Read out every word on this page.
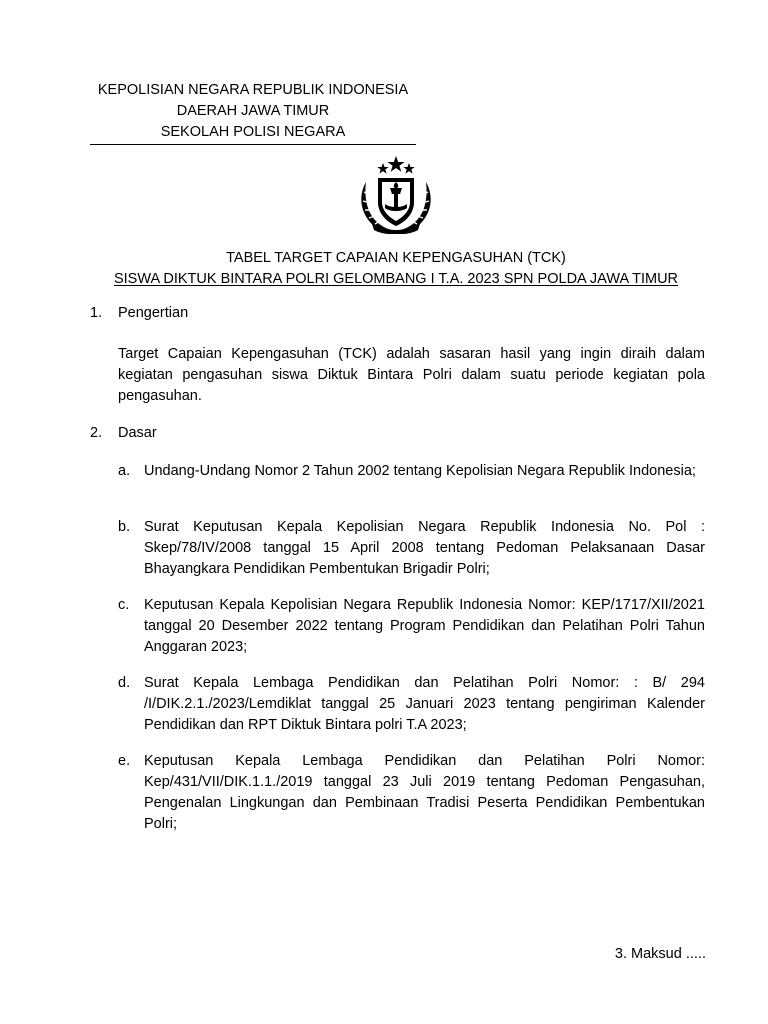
KEPOLISIAN NEGARA REPUBLIK INDONESIA
DAERAH JAWA TIMUR
SEKOLAH POLISI NEGARA
TABEL TARGET CAPAIAN KEPENGASUHAN (TCK)
SISWA DIKTUK BINTARA POLRI GELOMBANG I T.A. 2023 SPN POLDA JAWA TIMUR
1. Pengertian
Target Capaian Kepengasuhan (TCK) adalah sasaran hasil yang ingin diraih dalam kegiatan pengasuhan siswa Diktuk Bintara Polri dalam suatu periode kegiatan pola pengasuhan.
2. Dasar
a. Undang-Undang Nomor 2 Tahun 2002 tentang Kepolisian Negara Republik Indonesia;
b. Surat Keputusan Kepala Kepolisian Negara Republik Indonesia No. Pol : Skep/78/IV/2008 tanggal 15 April 2008 tentang Pedoman Pelaksanaan Dasar Bhayangkara Pendidikan Pembentukan Brigadir Polri;
c. Keputusan Kepala Kepolisian Negara Republik Indonesia Nomor: KEP/1717/XII/2021 tanggal 20 Desember 2022 tentang Program Pendidikan dan Pelatihan Polri Tahun Anggaran 2023;
d. Surat Kepala Lembaga Pendidikan dan Pelatihan Polri Nomor: : B/ 294 /I/DIK.2.1./2023/Lemdiklat tanggal 25 Januari 2023 tentang pengiriman Kalender Pendidikan dan RPT Diktuk Bintara polri T.A 2023;
e. Keputusan Kepala Lembaga Pendidikan dan Pelatihan Polri Nomor: Kep/431/VII/DIK.1.1./2019 tanggal 23 Juli 2019 tentang Pedoman Pengasuhan, Pengenalan Lingkungan dan Pembinaan Tradisi Peserta Pendidikan Pembentukan Polri;
3. Maksud .....
